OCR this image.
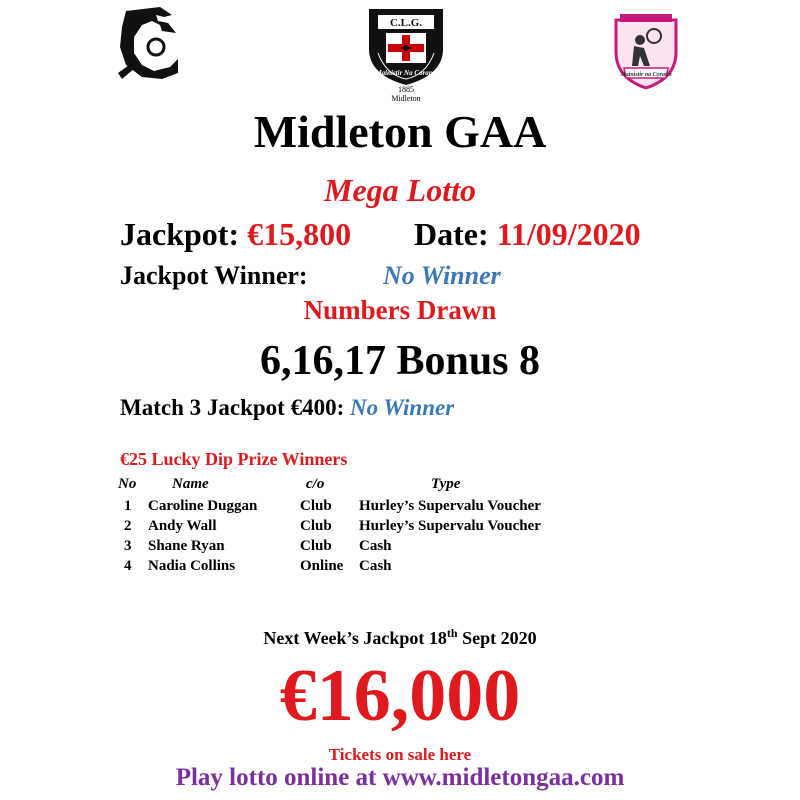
C.L.G.
Mainistir Na Corann
1885
Midleton
Mainistir na Corann
Midleton GAA
Mega Lotto
Jackpot: €15,800 Date: 11/09/2020
Jackpot Winner:	No Winner
Numbers Drawn
6,16,17 Bonus 8
Match 3 Jackpot €400: No Winner
€25 Lucky Dip Prize Winners
No	Name	c/o	Type
1	Caroline Duggan	Club	Hurley’s Supervalu Voucher
2	Andy Wall	Club	Hurley’s Supervalu Voucher
3	Shane Ryan	Club	Cash
4	Nadia Collins	Online	Cash
Next Week’s Jackpot 18th Sept 2020
€16,000
Tickets on sale here
Play lotto online at www.midletongaa.com
